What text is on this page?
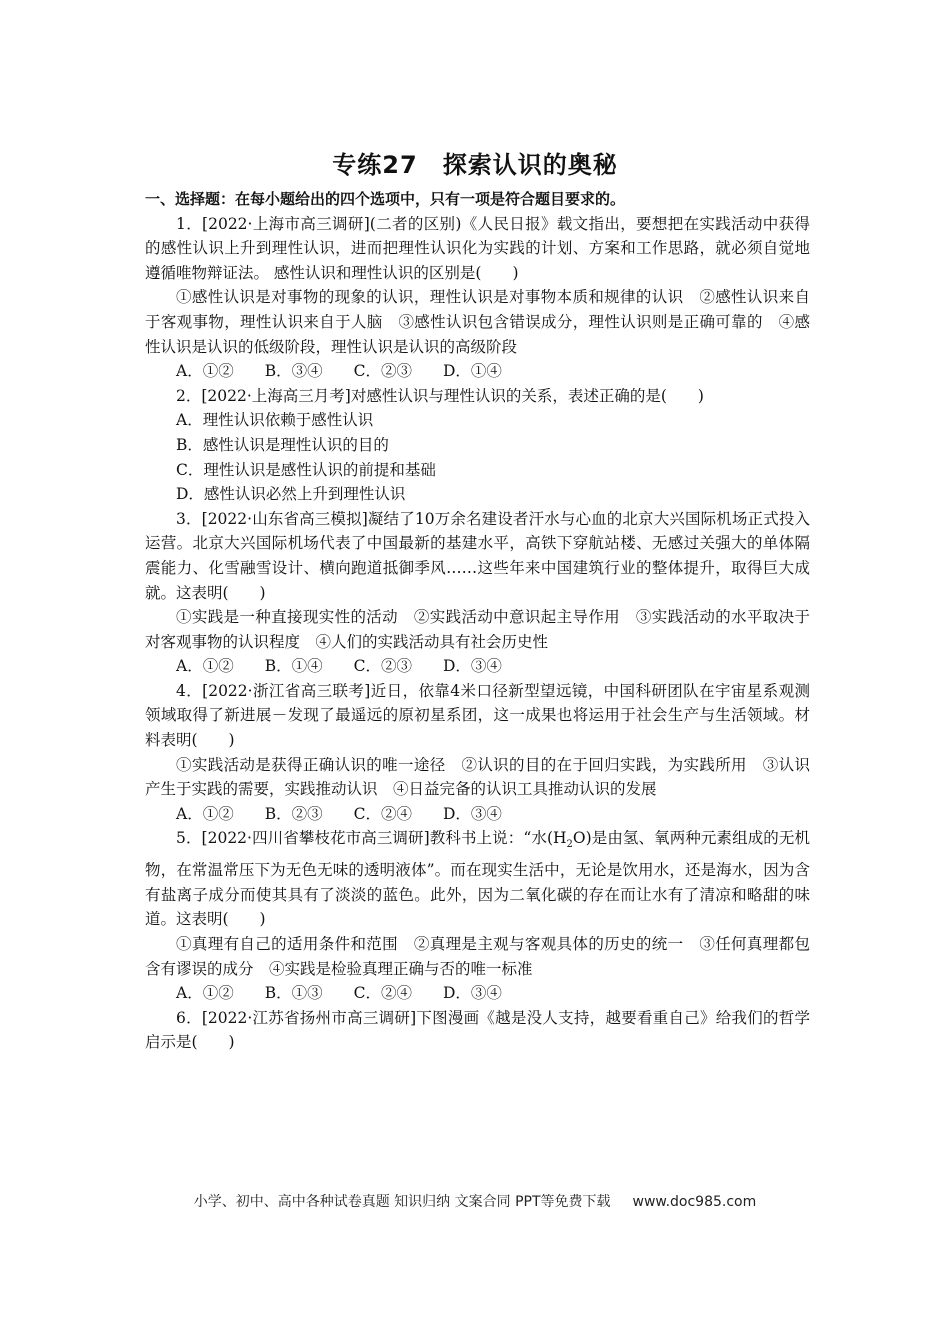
专练27　探索认识的奥秘

一、选择题：在每小题给出的四个选项中，只有一项是符合题目要求的。

1．[2022·上海市高三调研](二者的区别)《人民日报》载文指出，要想把在实践活动中获得的感性认识上升到理性认识，进而把理性认识化为实践的计划、方案和工作思路，就必须自觉地遵循唯物辩证法。 感性认识和理性认识的区别是(　　)

①感性认识是对事物的现象的认识，理性认识是对事物本质和规律的认识　②感性认识来自于客观事物，理性认识来自于人脑　③感性认识包含错误成分，理性认识则是正确可靠的　④感性认识是认识的低级阶段，理性认识是认识的高级阶段

A．①②　　B．③④　　C．②③　　D．①④

2．[2022·上海高三月考]对感性认识与理性认识的关系，表述正确的是(　　)

A．理性认识依赖于感性认识

B．感性认识是理性认识的目的

C．理性认识是感性认识的前提和基础

D．感性认识必然上升到理性认识

3．[2022·山东省高三模拟]凝结了10万余名建设者汗水与心血的北京大兴国际机场正式投入运营。北京大兴国际机场代表了中国最新的基建水平，高铁下穿航站楼、无感过关强大的单体隔震能力、化雪融雪设计、横向跑道抵御季风……这些年来中国建筑行业的整体提升，取得巨大成就。这表明(　　)

①实践是一种直接现实性的活动　②实践活动中意识起主导作用　③实践活动的水平取决于对客观事物的认识程度　④人们的实践活动具有社会历史性

A．①②　　B．①④　　C．②③　　D．③④

4．[2022·浙江省高三联考]近日，依靠4米口径新型望远镜，中国科研团队在宇宙星系观测领域取得了新进展－发现了最遥远的原初星系团，这一成果也将运用于社会生产与生活领域。材料表明(　　)

①实践活动是获得正确认识的唯一途径　②认识的目的在于回归实践，为实践所用　③认识产生于实践的需要，实践推动认识　④日益完备的认识工具推动认识的发展

A．①②　　B．②③　　C．②④　　D．③④

5．[2022·四川省攀枝花市高三调研]教科书上说：“水$(H_2O)$是由氢、氧两种元素组成的无机物，在常温常压下为无色无味的透明液体”。而在现实生活中，无论是饮用水，还是海水，因为含有盐离子成分而使其具有了淡淡的蓝色。此外，因为二氧化碳的存在而让水有了清凉和略甜的味道。这表明(　　)

①真理有自己的适用条件和范围　②真理是主观与客观具体的历史的统一　③任何真理都包含有谬误的成分　④实践是检验真理正确与否的唯一标准

A．①②　　B．①③　　C．②④　　D．③④

6．[2022·江苏省扬州市高三调研]下图漫画《越是没人支持，越要看重自己》给我们的哲学启示是(　　)

小学、初中、高中各种试卷真题 知识归纳 文案合同 PPT等免费下载 www.doc985.com
